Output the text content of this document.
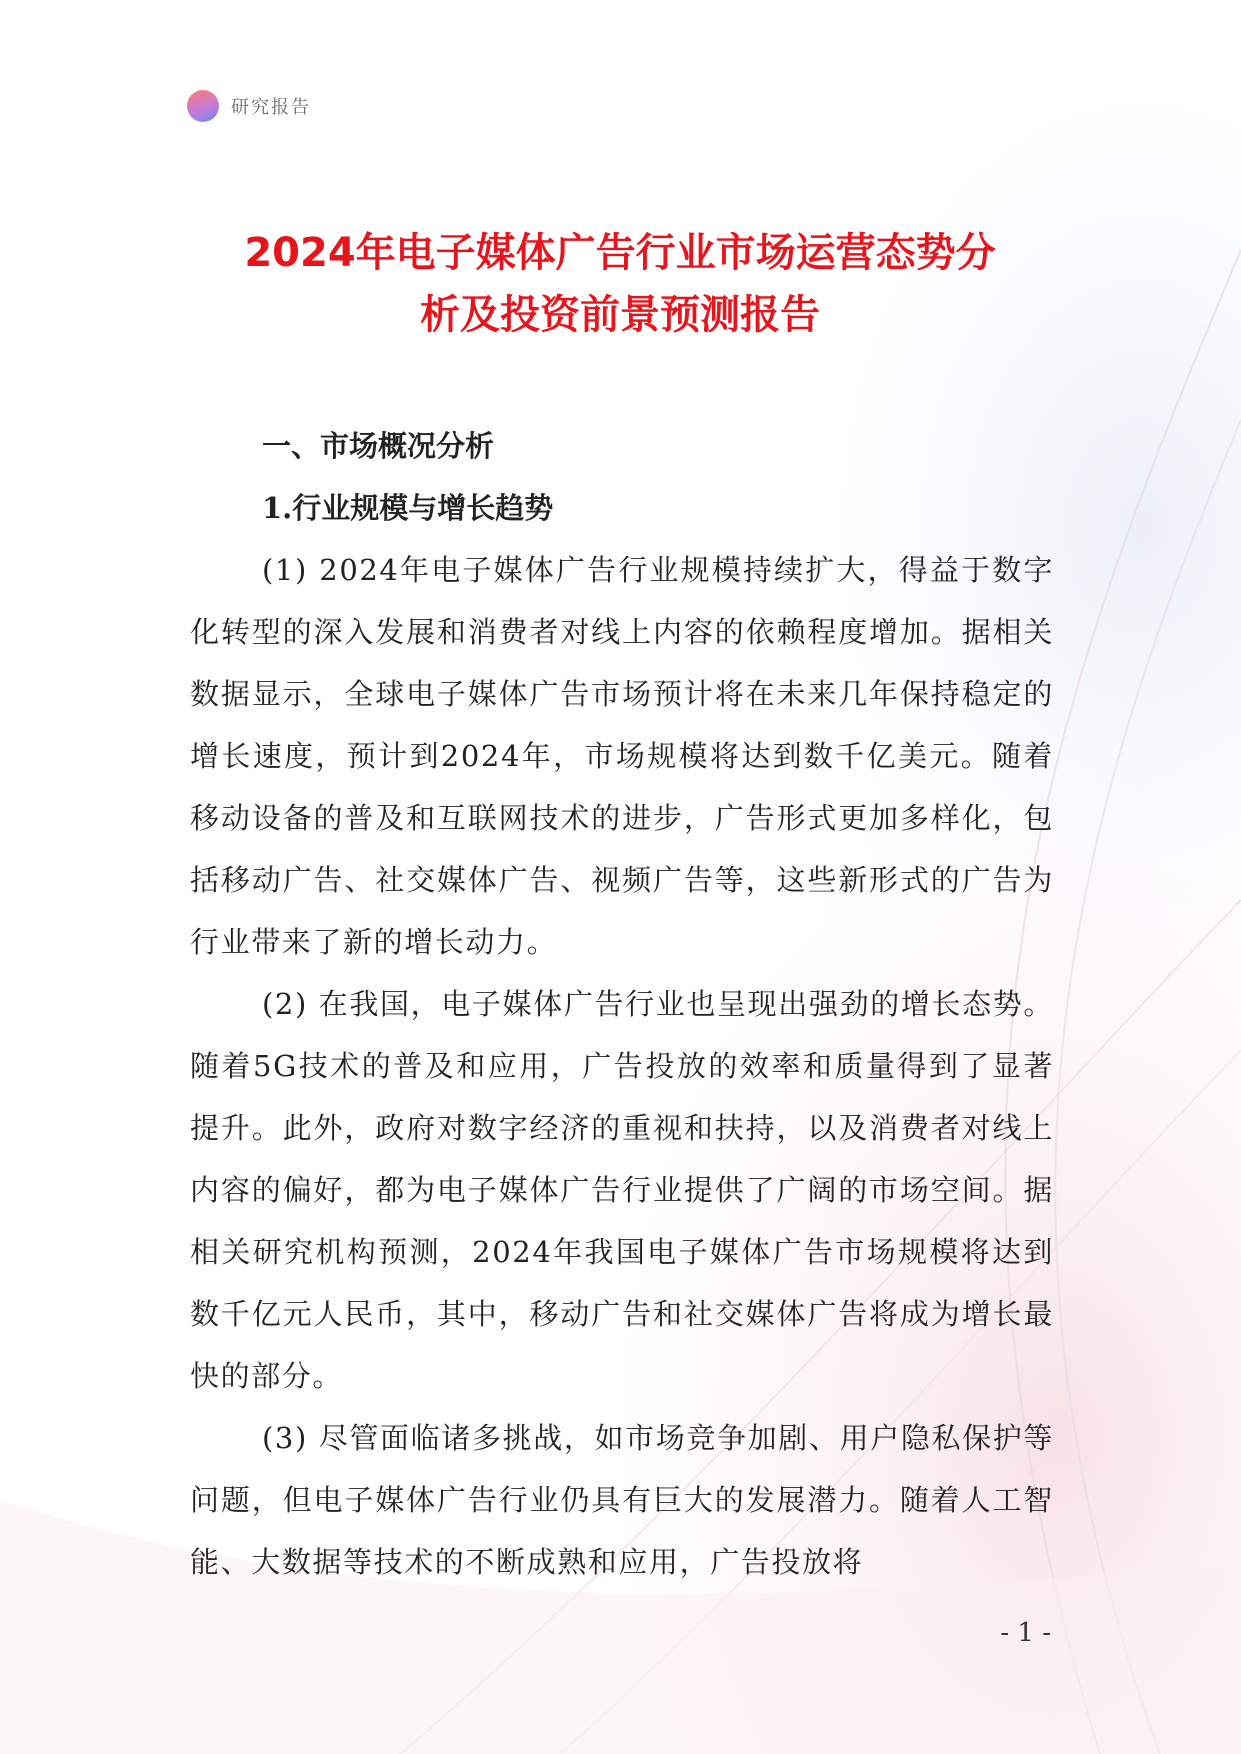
研究报告
2024年电子媒体广告行业市场运营态势分
析及投资前景预测报告
一、市场概况分析
1.行业规模与增长趋势

(1) 2024年电子媒体广告行业规模持续扩大，得益于数字化转型的深入发展和消费者对线上内容的依赖程度增加。据相关数据显示，全球电子媒体广告市场预计将在未来几年保持稳定的增长速度，预计到2024年，市场规模将达到数千亿美元。随着移动设备的普及和互联网技术的进步，广告形式更加多样化，包括移动广告、社交媒体广告、视频广告等，这些新形式的广告为行业带来了新的增长动力。

(2) 在我国，电子媒体广告行业也呈现出强劲的增长态势。随着5G技术的普及和应用，广告投放的效率和质量得到了显著提升。此外，政府对数字经济的重视和扶持，以及消费者对线上内容的偏好，都为电子媒体广告行业提供了广阔的市场空间。据相关研究机构预测，2024年我国电子媒体广告市场规模将达到数千亿元人民币，其中，移动广告和社交媒体广告将成为增长最快的部分。

(3) 尽管面临诸多挑战，如市场竞争加剧、用户隐私保护等问题，但电子媒体广告行业仍具有巨大的发展潜力。随着人工智能、大数据等技术的不断成熟和应用，广告投放将

- 1 -
